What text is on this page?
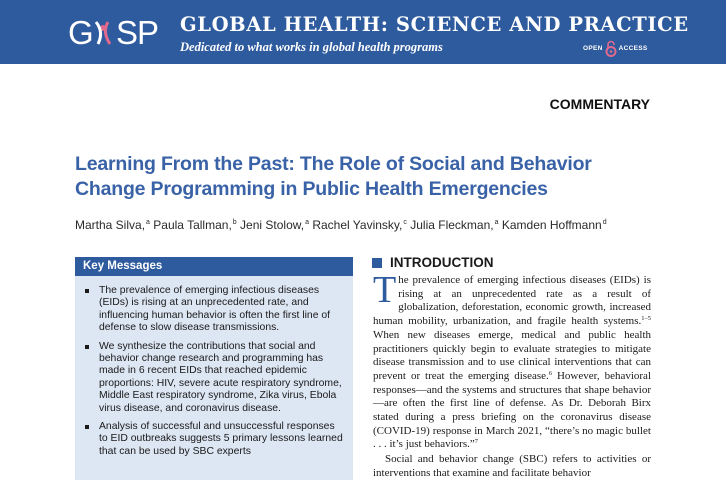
G SP GLOBAL HEALTH: SCIENCE AND PRACTICE
Dedicated to what works in global health programs	OPEN ACCESS
COMMENTARY
Learning From the Past: The Role of Social and Behavior Change Programming in Public Health Emergencies
Martha Silva,$^a$ Paula Tallman,$^b$ Jeni Stolow,$^a$ Rachel Yavinsky,$^c$ Julia Fleckman,$^a$ Kamden Hoffmann$^d$
Key Messages
The prevalence of emerging infectious diseases (EIDs) is rising at an unprecedented rate, and influencing human behavior is often the first line of defense to slow disease transmissions.
We synthesize the contributions that social and behavior change research and programming has made in 6 recent EIDs that reached epidemic proportions: HIV, severe acute respiratory syndrome, Middle East respiratory syndrome, Zika virus, Ebola virus disease, and coronavirus disease.
Analysis of successful and unsuccessful responses to EID outbreaks suggests 5 primary lessons learned that can be used by SBC experts
INTRODUCTION

The prevalence of emerging infectious diseases (EIDs) is rising at an unprecedented rate as a result of globalization, deforestation, economic growth, increased human mobility, urbanization, and fragile health systems.$^{1-5}$ When new diseases emerge, medical and public health practitioners quickly begin to evaluate strategies to mitigate disease transmission and to use clinical interventions that can prevent or treat the emerging disease.$^6$ However, behavioral responses—and the systems and structures that shape behavior—are often the first line of defense. As Dr. Deborah Birx stated during a press briefing on the coronavirus disease (COVID-19) response in March 2021, “there’s no magic bullet . . . it’s just behaviors.”$^7$

Social and behavior change (SBC) refers to activities or interventions that examine and facilitate behavior
